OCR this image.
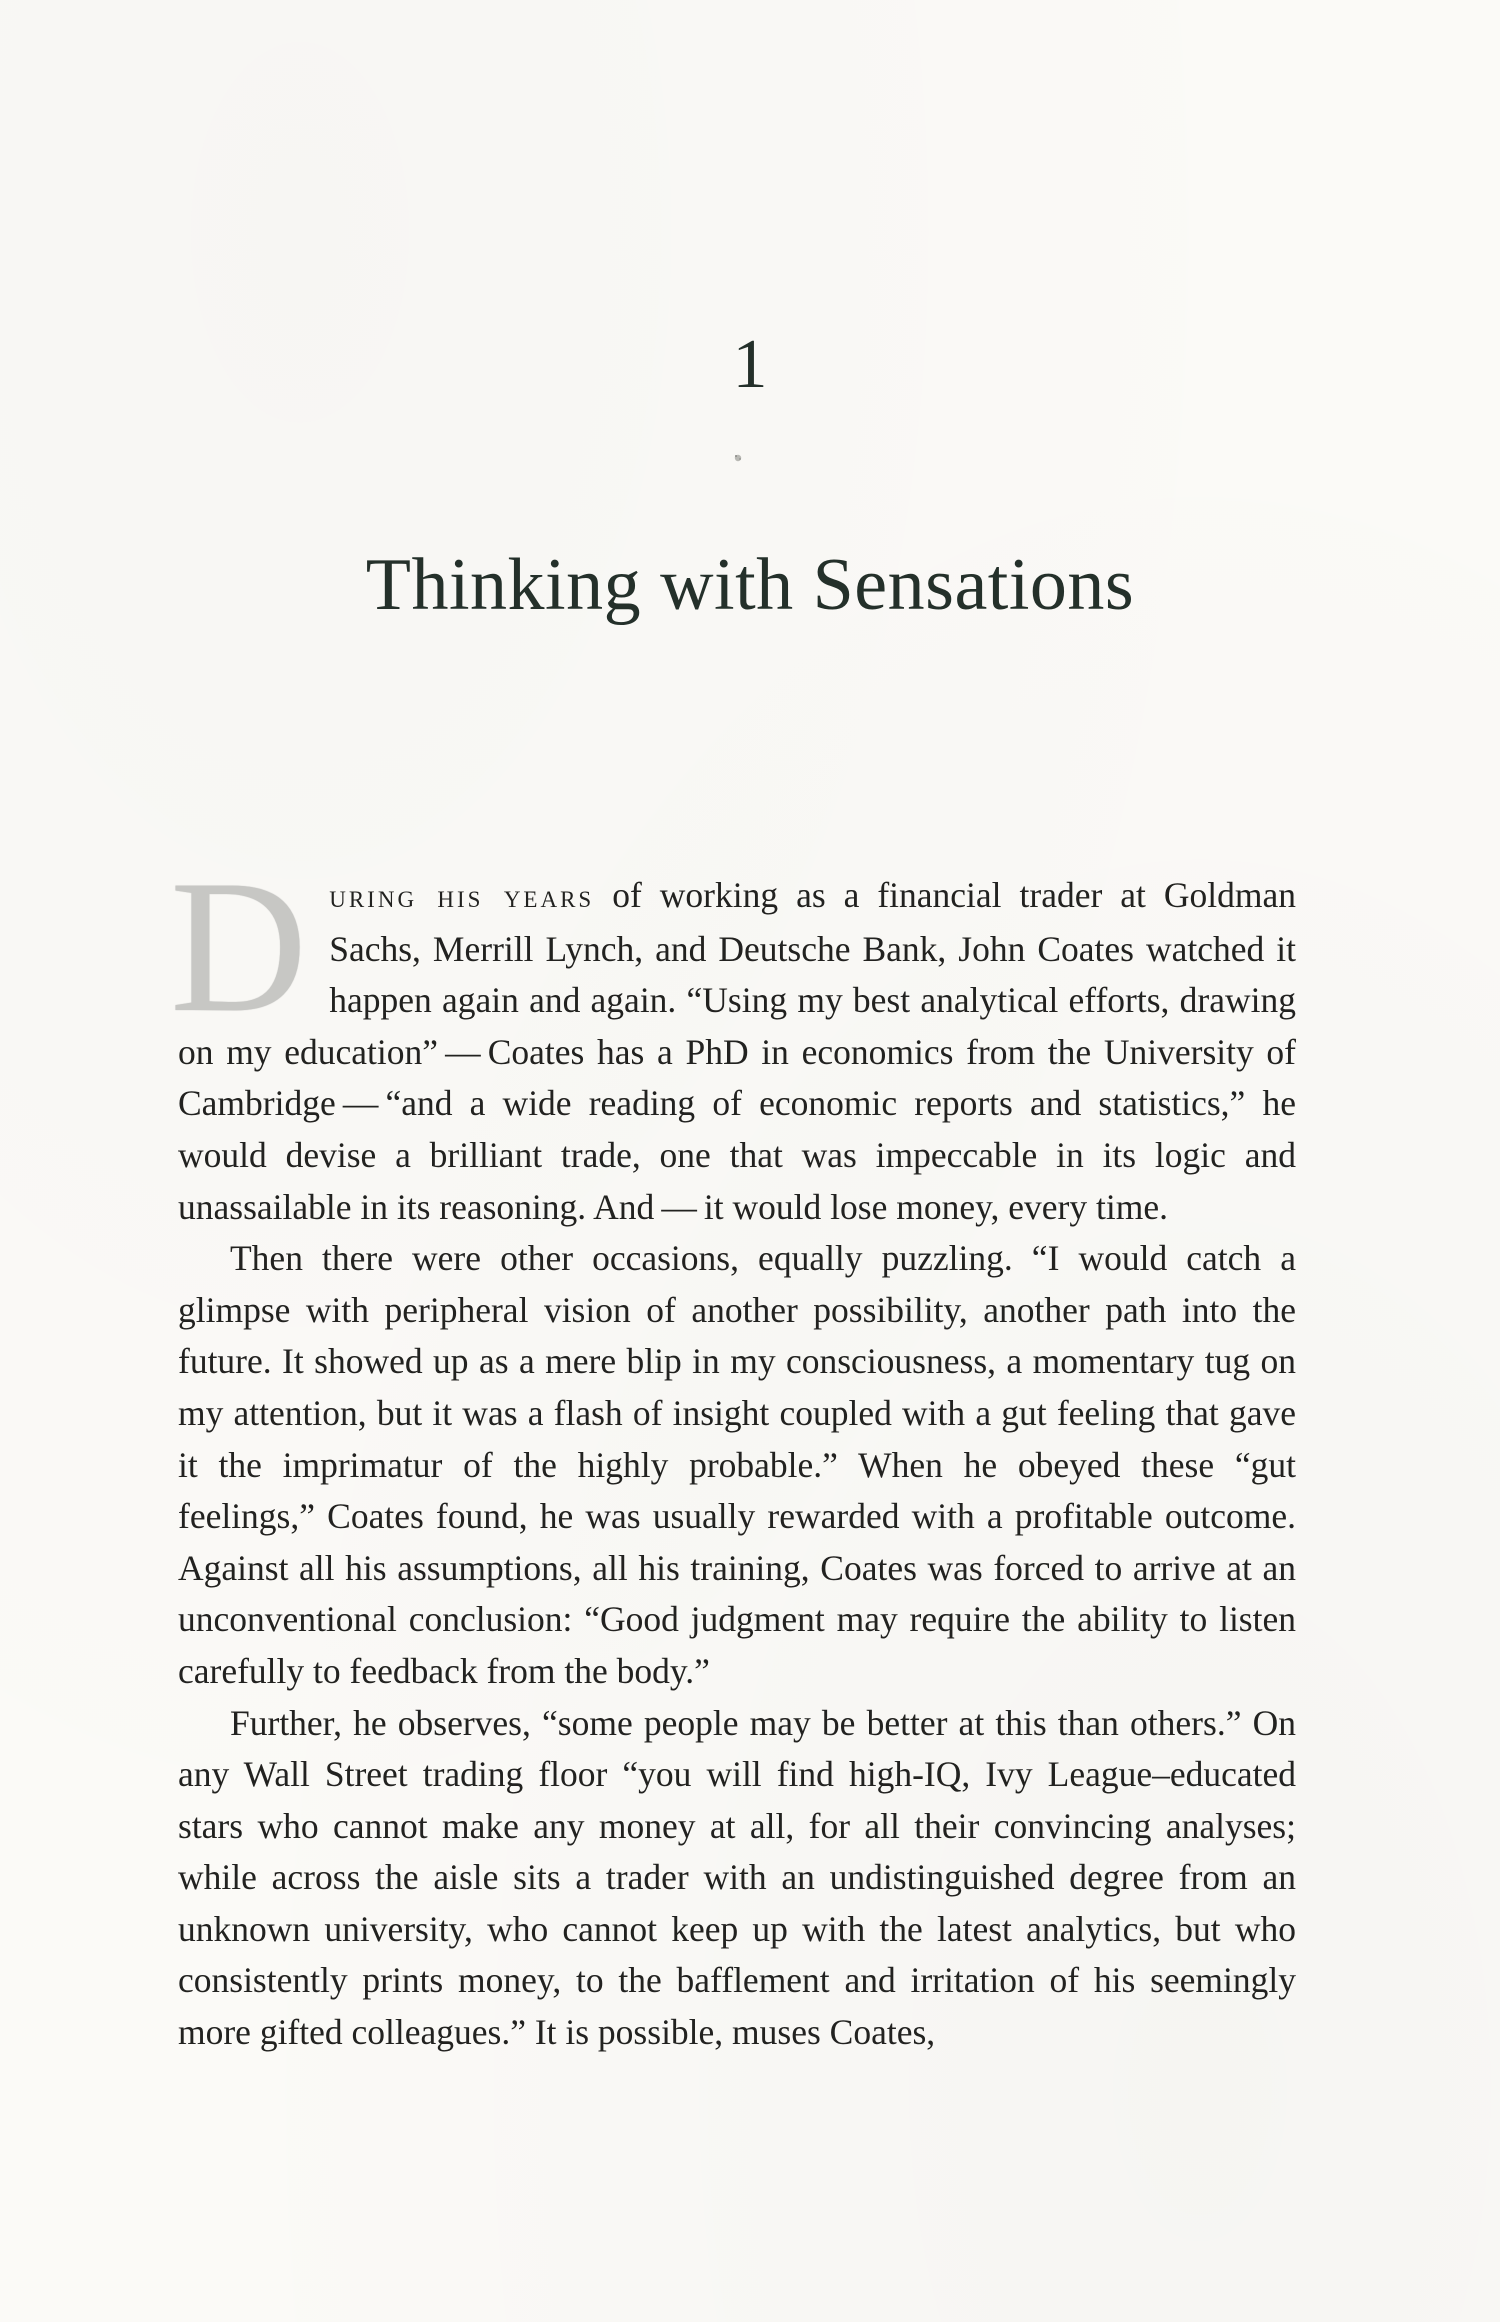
1
Thinking with Sensations

During his years of working as a financial trader at Goldman Sachs, Merrill Lynch, and Deutsche Bank, John Coates watched it happen again and again. “Using my best analytical efforts, drawing on my education” — Coates has a PhD in economics from the University of Cambridge — “and a wide reading of economic reports and statistics,” he would devise a brilliant trade, one that was impeccable in its logic and unassailable in its reasoning. And — it would lose money, every time.

Then there were other occasions, equally puzzling. “I would catch a glimpse with peripheral vision of another possibility, another path into the future. It showed up as a mere blip in my consciousness, a momentary tug on my attention, but it was a flash of insight coupled with a gut feeling that gave it the imprimatur of the highly probable.” When he obeyed these “gut feelings,” Coates found, he was usually rewarded with a profitable outcome. Against all his assumptions, all his training, Coates was forced to arrive at an unconventional conclusion: “Good judgment may require the ability to listen carefully to feedback from the body.”

Further, he observes, “some people may be better at this than others.” On any Wall Street trading floor “you will find high-IQ, Ivy League–educated stars who cannot make any money at all, for all their convincing analyses; while across the aisle sits a trader with an undistinguished degree from an unknown university, who cannot keep up with the latest analytics, but who consistently prints money, to the bafflement and irritation of his seemingly more gifted colleagues.” It is possible, muses Coates,
